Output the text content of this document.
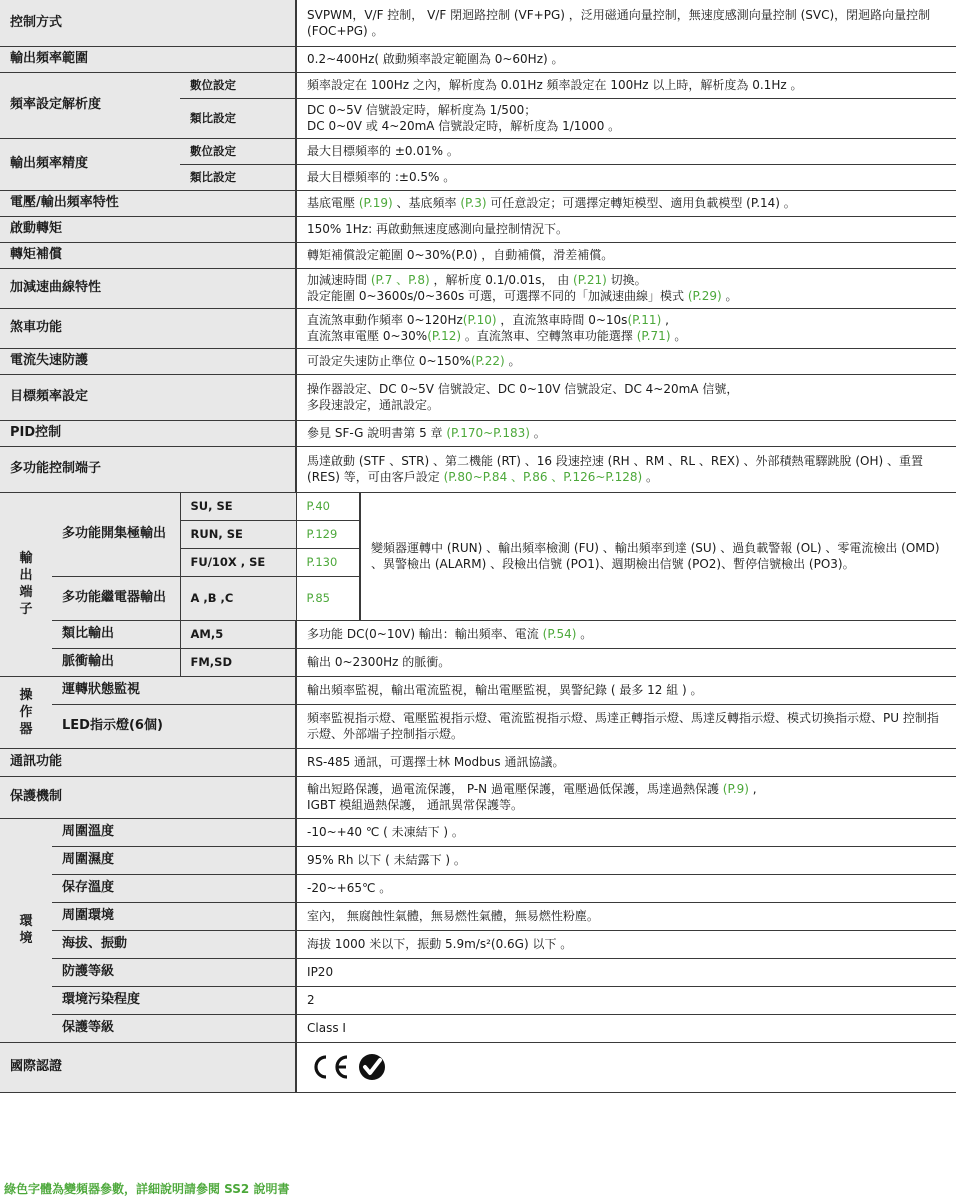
控制方式			SVPWM，V/F 控制， V/F 閉迴路控制 (VF+PG) ，泛用磁通向量控制，無速度感測向量控制 (SVC)，閉迴路向量控制 (FOC+PG) 。	
輸出頻率範圍			0.2~400Hz( 啟動頻率設定範圍為 0~60Hz) 。	
頻率設定解析度		數位設定	頻率設定在 100Hz 之內，解析度為 0.01Hz 頻率設定在 100Hz 以上時，解析度為 0.1Hz 。	
		類比設定	DC 0~5V 信號設定時，解析度為 1/500；
DC 0~0V 或 4~20mA 信號設定時，解析度為 1/1000 。	
輸出頻率精度		數位設定	最大目標頻率的 ±0.01% 。	
		類比設定	最大目標頻率的 :±0.5% 。	
電壓/輸出頻率特性			基底電壓 (P.19) 、基底頻率 (P.3) 可任意設定；可選擇定轉矩模型、適用負載模型 (P.14) 。	
啟動轉矩			150% 1Hz: 再啟動無速度感測向量控制情況下。	
轉矩補償			轉矩補償設定範圍 0~30%(P.0) ，自動補償，滑差補償。	
加減速曲線特性			加減速時間 (P.7 、P.8) ，解析度 0.1/0.01s， 由 (P.21) 切換。
設定能圍 0~3600s/0~360s 可選，可選擇不同的「加減速曲線」模式 (P.29) 。	
煞車功能			直流煞車動作頻率 0~120Hz(P.10) ，直流煞車時間 0~10s(P.11) ,
直流煞車電壓 0~30%(P.12) 。直流煞車、空轉煞車功能選擇 (P.71) 。	
電流失速防護			可設定失速防止準位 0~150%(P.22) 。	
目標頻率設定			操作器設定、DC 0~5V 信號設定、DC 0~10V 信號設定、DC 4~20mA 信號，
多段速設定，通訊設定。	
PID控制			參見 SF-G 說明書第 5 章 (P.170~P.183) 。	
多功能控制端子			馬達啟動 (STF 、STR) 、第二機能 (RT) 、16 段速控速 (RH 、RM 、RL 、REX) 、外部積熱電驛跳脫 (OH) 、重置 (RES) 等，可由客戶設定 (P.80~P.84 、P.86 、P.126~P.128) 。	
輸出端子	多功能開集極輸出	SU, SE	P.40	變頻器運轉中 (RUN) 、輸出頻率檢測 (FU) 、輸出頻率到達 (SU) 、過負載警報 (OL) 、零電流檢出 (OMD) 、異警檢出 (ALARM) 、段檢出信號 (PO1)、週期檢出信號 (PO2)、暫停信號檢出 (PO3)。
		RUN, SE	P.129	
		FU/10X , SE	P.130	
	多功能繼電器輸出	A ,B ,C	P.85	
	類比輸出	AM,5	多功能 DC(0~10V) 輸出：輸出頻率、電流 (P.54) 。	
	脈衝輸出	FM,SD	輸出 0~2300Hz 的脈衝。	
操作器	運轉狀態監視		輸出頻率監視，輸出電流監視，輸出電壓監視，異警紀錄 ( 最多 12 組 ) 。	
	LED指示燈(6個)		頻率監視指示燈、電壓監視指示燈、電流監視指示燈、馬達正轉指示燈、馬達反轉指示燈、模式切換指示燈、PU 控制指示燈、外部端子控制指示燈。	
通訊功能			RS-485 通訊，可選擇士林 Modbus 通訊協議。	
保護機制			輸出短路保護，過電流保護， P-N 過電壓保護，電壓過低保護，馬達過熱保護 (P.9) ,
IGBT 模組過熱保護， 通訊異常保護等。	
環境	周圍溫度		-10~+40 ℃ ( 未凍結下 ) 。	
	周圍濕度		95% Rh 以下 ( 未結露下 ) 。	
	保存溫度		-20~+65℃ 。	
	周圍環境		室內， 無腐蝕性氣體，無易燃性氣體，無易燃性粉塵。	
	海拔、振動		海拔 1000 米以下，振動 5.9m/s²(0.6G) 以下 。	
	防護等級		IP20	
	環境污染程度		2	
	保護等級		Class I	
國際認證	
綠色字體為變頻器參數，詳細說明請參閱 SS2 說明書
